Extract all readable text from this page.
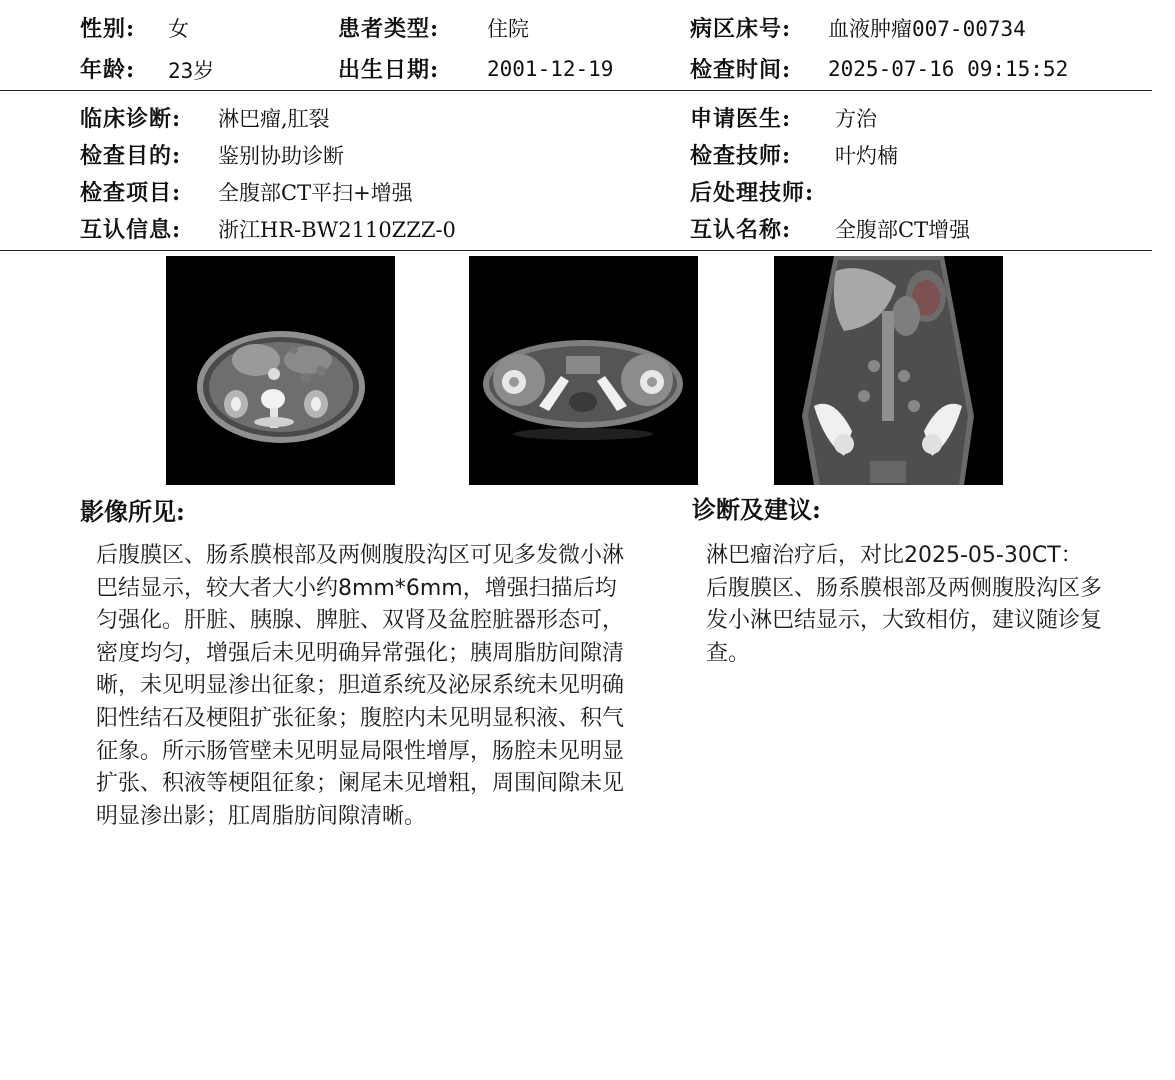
性别: 女	患者类型: 住院	病区床号: 血液肿瘤007-00734
年龄: 23岁	出生日期: 2001-12-19	检查时间: 2025-07-16 09:15:52
临床诊断: 淋巴瘤,肛裂	申请医生: 方治
检查目的: 鉴别协助诊断	检查技师: 叶灼楠
检查项目: 全腹部CT平扫+增强	后处理技师:
互认信息: 浙江HR-BW2110ZZZ-0	互认名称: 全腹部CT增强
影像所见:
后腹膜区、肠系膜根部及两侧腹股沟区可见多发微小淋巴结显示，较大者大小约8mm*6mm，增强扫描后均匀强化。肝脏、胰腺、脾脏、双肾及盆腔脏器形态可，密度均匀，增强后未见明确异常强化；胰周脂肪间隙清晰，未见明显渗出征象；胆道系统及泌尿系统未见明确阳性结石及梗阻扩张征象；腹腔内未见明显积液、积气征象。所示肠管壁未见明显局限性增厚，肠腔未见明显扩张、积液等梗阻征象；阑尾未见增粗，周围间隙未见明显渗出影；肛周脂肪间隙清晰。
诊断及建议:
淋巴瘤治疗后，对比2025-05-30CT：后腹膜区、肠系膜根部及两侧腹股沟区多发小淋巴结显示，大致相仿，建议随诊复查。
